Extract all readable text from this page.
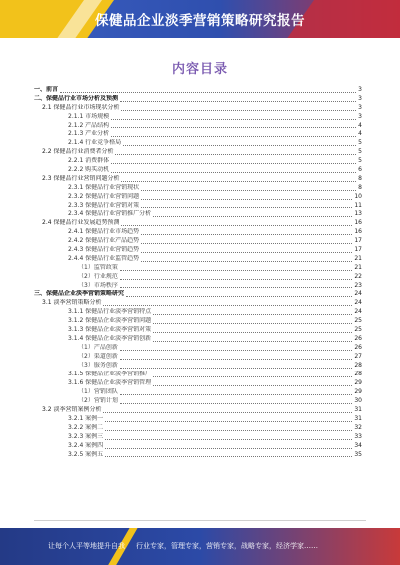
保健品企业淡季营销策略研究报告
内容目录
一、前言	3
二、保健品行业市场分析及预测	3
2.1 保健品行业市场现状分析	3
2.1.1 市场规模	3
2.1.2 产品结构	4
2.1.3 产业分析	4
2.1.4 行业竞争格局	5
2.2 保健品行业消费者分析	5
2.2.1 消费群体	5
2.2.2 购买动机	6
2.3 保健品行业营销问题分析	8
2.3.1 保健品行业营销现状	8
2.3.2 保健品行业营销问题	10
2.3.3 保健品行业营销对策	11
2.3.4 保健品行业营销推广分析	13
2.4 保健品行业发展趋势预测	16
2.4.1 保健品行业市场趋势	16
2.4.2 保健品行业产品趋势	17
2.4.3 保健品行业营销趋势	17
2.4.4 保健品行业监管趋势	21
（1）监管政策	21
（2）行业规范	22
（3）市场秩序	23
三、保健品企业淡季营销策略研究	24
3.1 淡季营销策略分析	24
3.1.1 保健品行业淡季营销特点	24
3.1.2 保健品企业淡季营销问题	25
3.1.3 保健品企业淡季营销对策	25
3.1.4 保健品企业淡季营销创新	26
（1）产品创新	26
（2）渠道创新	27
（3）服务创新	28
3.1.5 保健品企业淡季营销推广	28
3.1.6 保健品企业淡季营销管理	29
（1）营销团队	29
（2）营销计划	30
3.2 淡季营销案例分析	31
3.2.1 案例一	31
3.2.2 案例二	32
3.2.3 案例三	33
3.2.4 案例四	34
3.2.5 案例五	35
让每个人平等地提升自我 行业专家，管理专家，营销专家，战略专家，经济学家……
